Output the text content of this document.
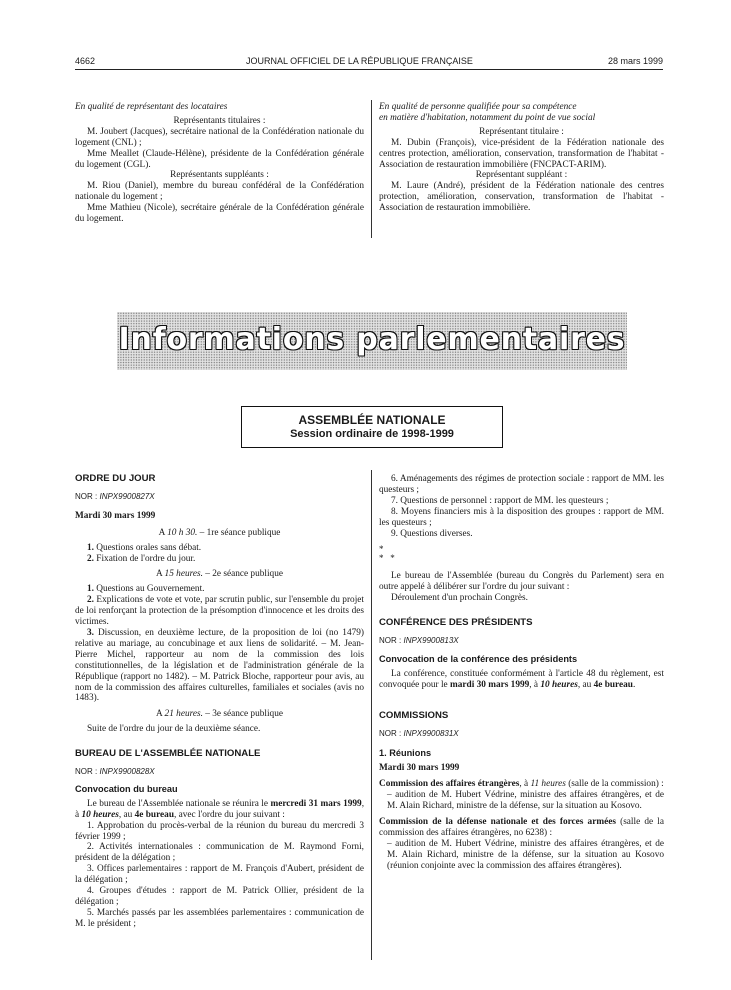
4662	JOURNAL OFFICIEL DE LA RÉPUBLIQUE FRANÇAISE	28 mars 1999

En qualité de représentant des locataires

Représentants titulaires :

M. Joubert (Jacques), secrétaire national de la Confédération nationale du logement (CNL) ;

Mme Meallet (Claude-Hélène), présidente de la Confédération générale du logement (CGL).

Représentants suppléants :

M. Riou (Daniel), membre du bureau confédéral de la Confédération nationale du logement ;

Mme Mathieu (Nicole), secrétaire générale de la Confédération générale du logement.

En qualité de personne qualifiée pour sa compétence

en matière d'habitation, notamment du point de vue social

Représentant titulaire :

M. Dubin (François), vice-président de la Fédération nationale des centres protection, amélioration, conservation, transformation de l'habitat - Association de restauration immobilière (FNCPACT-ARIM).

Représentant suppléant :

M. Laure (André), président de la Fédération nationale des centres protection, amélioration, conservation, transformation de l'habitat - Association de restauration immobilière.

Informations parlementaires
ASSEMBLÉE NATIONALE
Session ordinaire de 1998-1999

ORDRE DU JOUR

NOR : INPX9900827X

Mardi 30 mars 1999

A 10 h 30. – 1re séance publique

1. Questions orales sans débat.

2. Fixation de l'ordre du jour.

A 15 heures. – 2e séance publique

1. Questions au Gouvernement.

2. Explications de vote et vote, par scrutin public, sur l'ensemble du projet de loi renforçant la protection de la présomption d'innocence et les droits des victimes.

3. Discussion, en deuxième lecture, de la proposition de loi (no 1479) relative au mariage, au concubinage et aux liens de solidarité. – M. Jean-Pierre Michel, rapporteur au nom de la commission des lois constitutionnelles, de la législation et de l'administration générale de la République (rapport no 1482). – M. Patrick Bloche, rapporteur pour avis, au nom de la commission des affaires culturelles, familiales et sociales (avis no 1483).

A 21 heures. – 3e séance publique

Suite de l'ordre du jour de la deuxième séance.

BUREAU DE L'ASSEMBLÉE NATIONALE

NOR : INPX9900828X

Convocation du bureau

Le bureau de l'Assemblée nationale se réunira le mercredi 31 mars 1999, à 10 heures, au 4e bureau, avec l'ordre du jour suivant :

1. Approbation du procès-verbal de la réunion du bureau du mercredi 3 février 1999 ;

2. Activités internationales : communication de M. Raymond Forni, président de la délégation ;

3. Offices parlementaires : rapport de M. François d'Aubert, président de la délégation ;

4. Groupes d'études : rapport de M. Patrick Ollier, président de la délégation ;

5. Marchés passés par les assemblées parlementaires : communication de M. le président ;

6. Aménagements des régimes de protection sociale : rapport de MM. les questeurs ;

7. Questions de personnel : rapport de MM. les questeurs ;

8. Moyens financiers mis à la disposition des groupes : rapport de MM. les questeurs ;

9. Questions diverses.

*

*   *

Le bureau de l'Assemblée (bureau du Congrès du Parlement) sera en outre appelé à délibérer sur l'ordre du jour suivant :

Déroulement d'un prochain Congrès.

CONFÉRENCE DES PRÉSIDENTS

NOR : INPX9900813X

Convocation de la conférence des présidents

La conférence, constituée conformément à l'article 48 du règlement, est convoquée pour le mardi 30 mars 1999, à 10 heures, au 4e bureau.

COMMISSIONS

NOR : INPX9900831X

1. Réunions

Mardi 30 mars 1999

Commission des affaires étrangères, à 11 heures (salle de la commission) :

– audition de M. Hubert Védrine, ministre des affaires étrangères, et de M. Alain Richard, ministre de la défense, sur la situation au Kosovo.

Commission de la défense nationale et des forces armées (salle de la commission des affaires étrangères, no 6238) :

– audition de M. Hubert Védrine, ministre des affaires étrangères, et de M. Alain Richard, ministre de la défense, sur la situation au Kosovo (réunion conjointe avec la commission des affaires étrangères).
